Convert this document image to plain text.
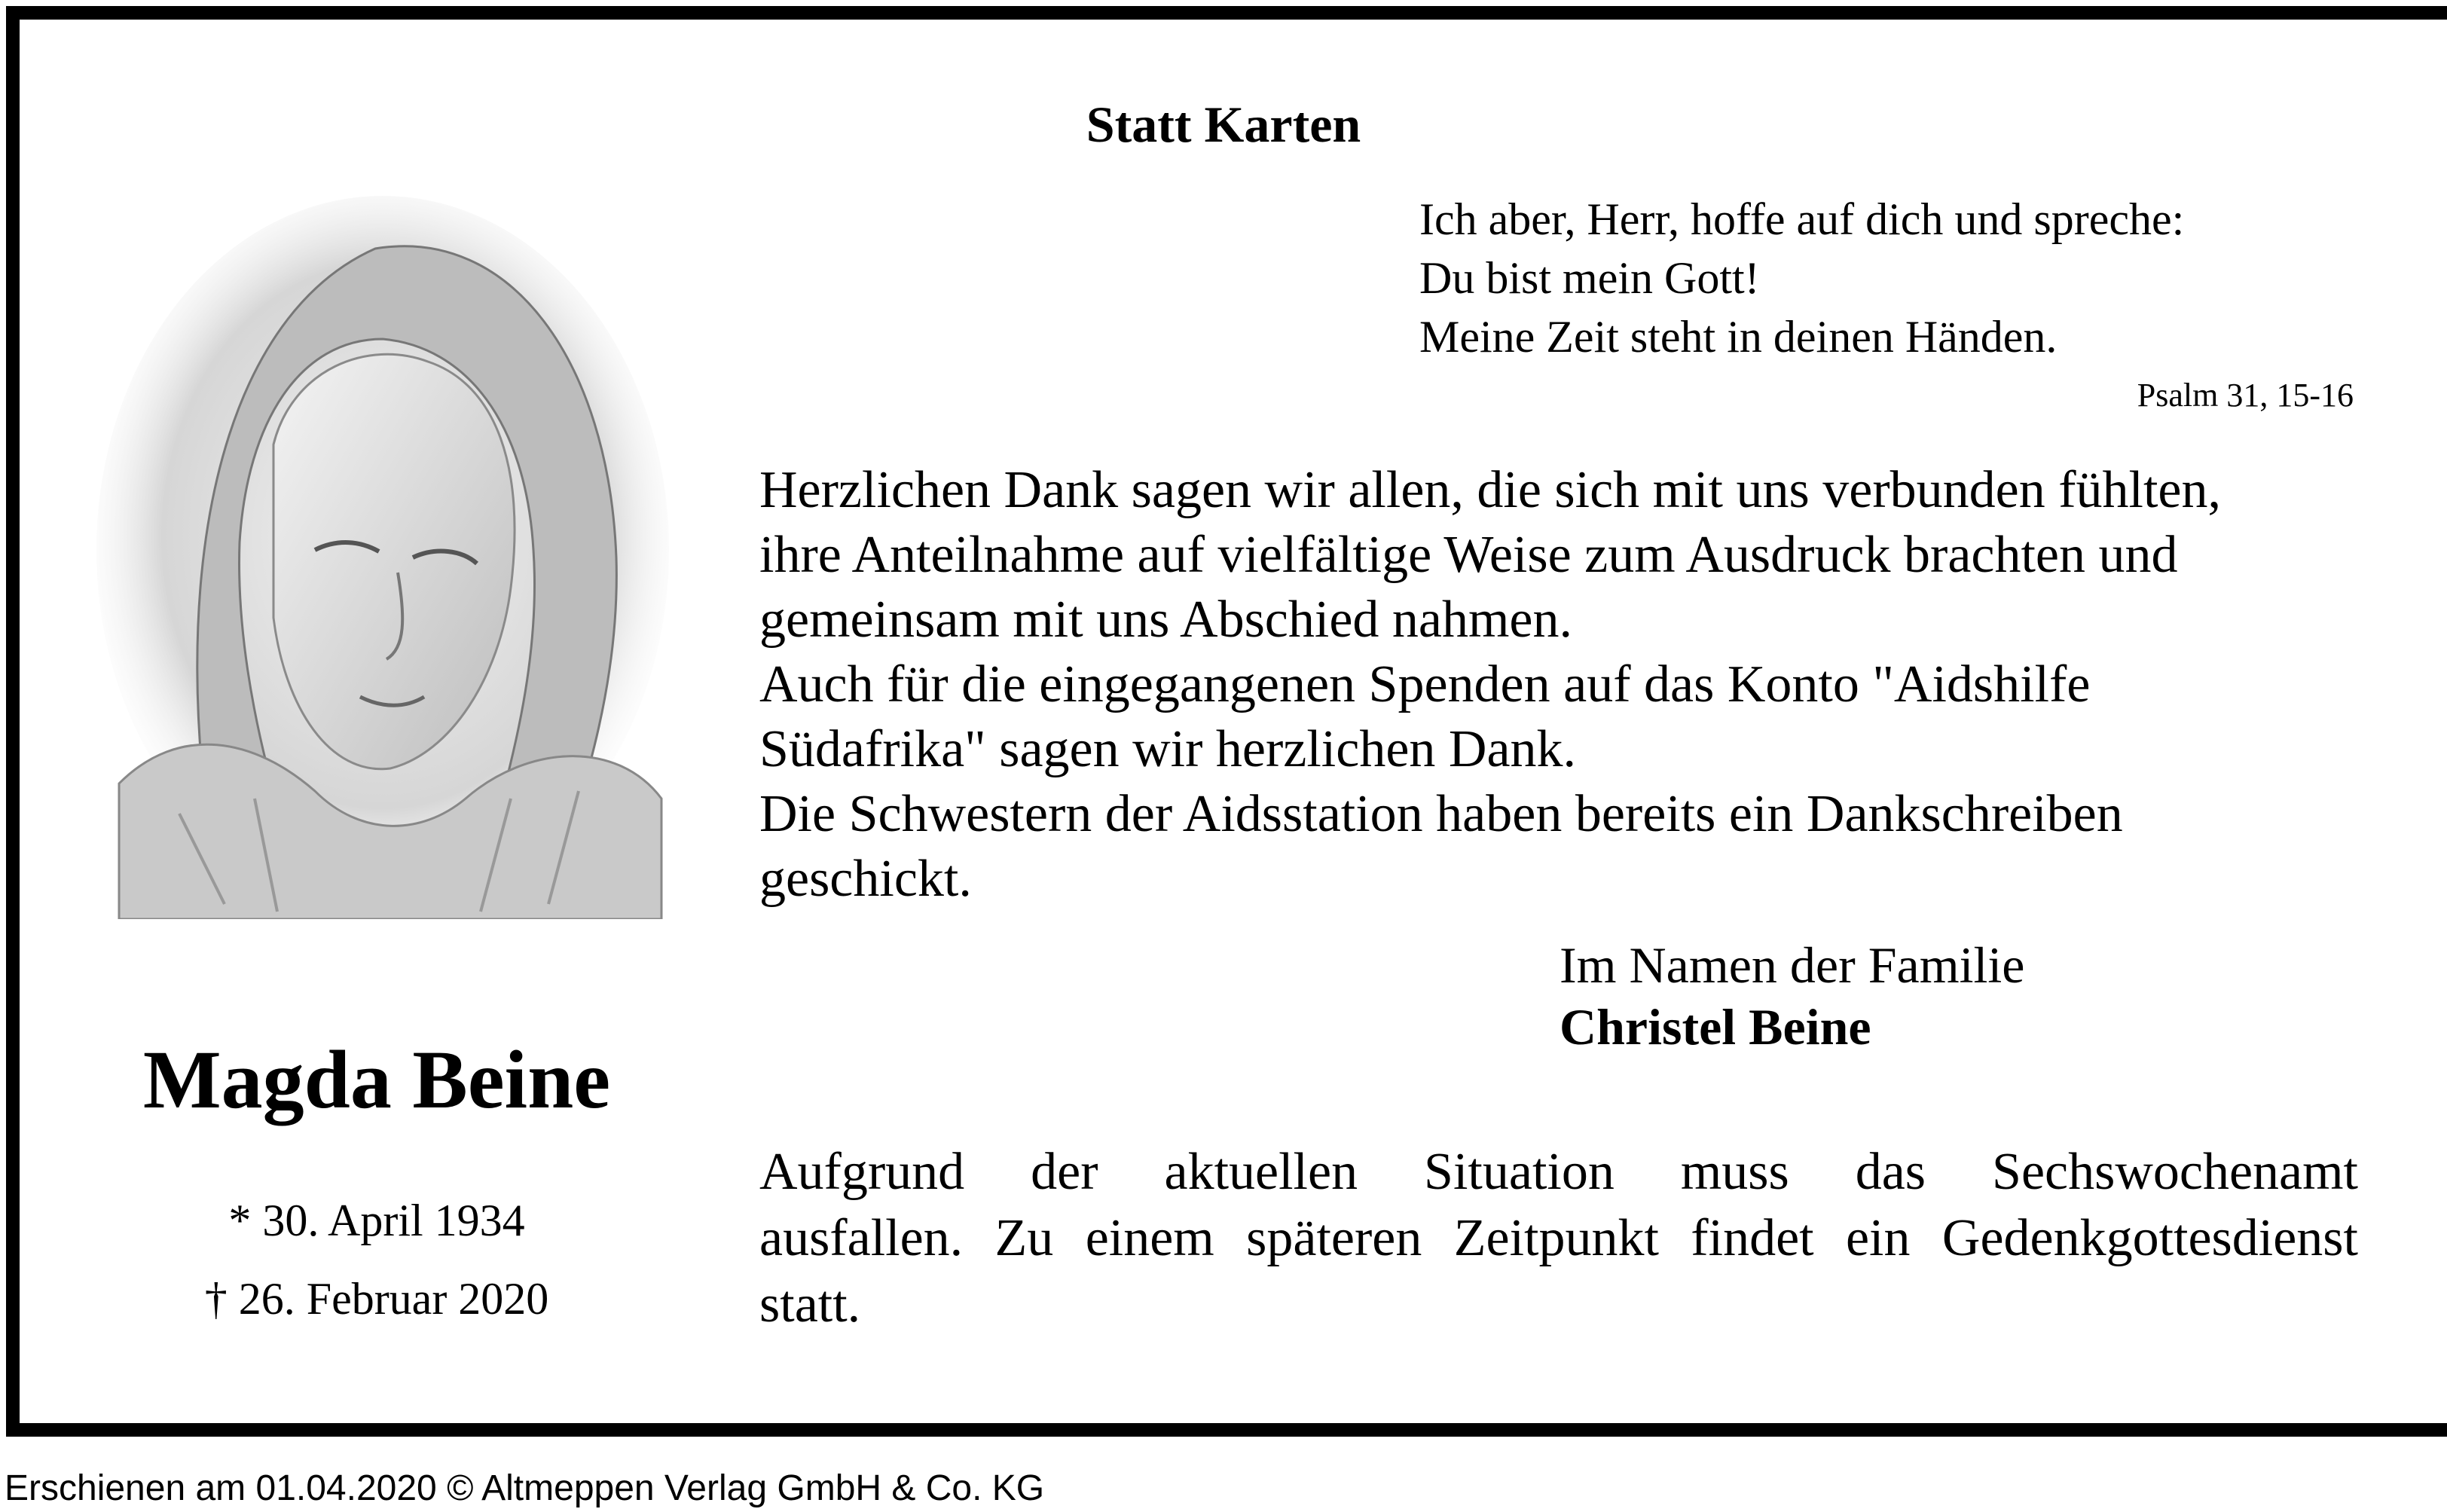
Statt Karten
Ich aber, Herr, hoffe auf dich und spreche:
Du bist mein Gott!
Meine Zeit steht in deinen Händen.
Psalm 31, 15-16
Magda Beine
* 30. April 1934
† 26. Februar 2020
Herzlichen Dank sagen wir allen, die sich mit uns verbunden fühlten,
ihre Anteilnahme auf vielfältige Weise zum Ausdruck brachten und
gemeinsam mit uns Abschied nahmen.
Auch für die eingegangenen Spenden auf das Konto "Aidshilfe
Südafrika" sagen wir herzlichen Dank.
Die Schwestern der Aidsstation haben bereits ein Dankschreiben
geschickt.
Im Namen der Familie
Christel Beine
Aufgrund der aktuellen Situation muss das Sechswochenamt
ausfallen. Zu einem späteren Zeitpunkt findet ein Gedenkgottesdienst
statt.
Erschienen am 01.04.2020 © Altmeppen Verlag GmbH & Co. KG
